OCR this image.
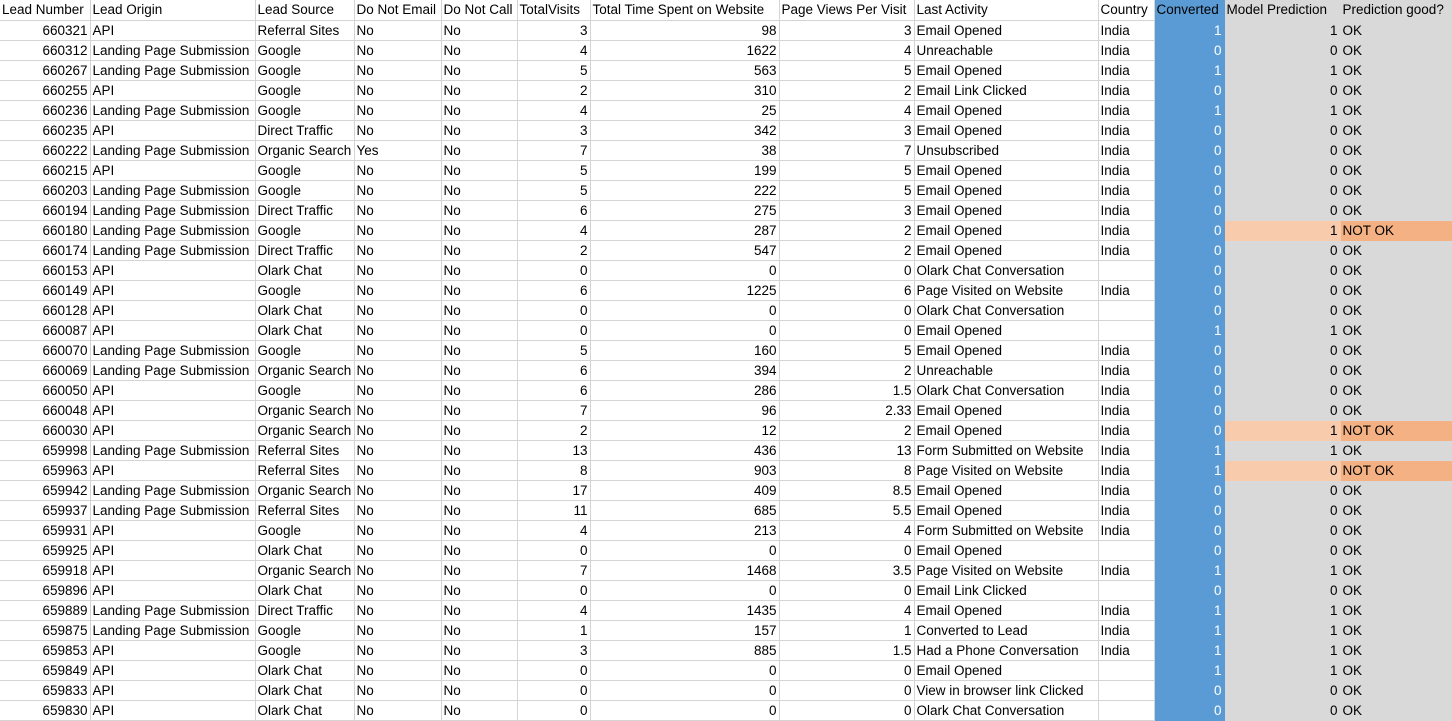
Lead Number	Lead Origin	Lead Source	Do Not Email	Do Not Call	TotalVisits	Total Time Spent on Website	Page Views Per Visit	Last Activity	Country	Converted	Model Prediction	Prediction good?
660321	API	Referral Sites	No	No	3	98	3	Email Opened	India	1	1	OK
660312	Landing Page Submission	Google	No	No	4	1622	4	Unreachable	India	0	0	OK
660267	Landing Page Submission	Google	No	No	5	563	5	Email Opened	India	1	1	OK
660255	API	Google	No	No	2	310	2	Email Link Clicked	India	0	0	OK
660236	Landing Page Submission	Google	No	No	4	25	4	Email Opened	India	1	1	OK
660235	API	Direct Traffic	No	No	3	342	3	Email Opened	India	0	0	OK
660222	Landing Page Submission	Organic Search	Yes	No	7	38	7	Unsubscribed	India	0	0	OK
660215	API	Google	No	No	5	199	5	Email Opened	India	0	0	OK
660203	Landing Page Submission	Google	No	No	5	222	5	Email Opened	India	0	0	OK
660194	Landing Page Submission	Direct Traffic	No	No	6	275	3	Email Opened	India	0	0	OK
660180	Landing Page Submission	Google	No	No	4	287	2	Email Opened	India	0	1	NOT OK
660174	Landing Page Submission	Direct Traffic	No	No	2	547	2	Email Opened	India	0	0	OK
660153	API	Olark Chat	No	No	0	0	0	Olark Chat Conversation		0	0	OK
660149	API	Google	No	No	6	1225	6	Page Visited on Website	India	0	0	OK
660128	API	Olark Chat	No	No	0	0	0	Olark Chat Conversation		0	0	OK
660087	API	Olark Chat	No	No	0	0	0	Email Opened		1	1	OK
660070	Landing Page Submission	Google	No	No	5	160	5	Email Opened	India	0	0	OK
660069	Landing Page Submission	Organic Search	No	No	6	394	2	Unreachable	India	0	0	OK
660050	API	Google	No	No	6	286	1.5	Olark Chat Conversation	India	0	0	OK
660048	API	Organic Search	No	No	7	96	2.33	Email Opened	India	0	0	OK
660030	API	Organic Search	No	No	2	12	2	Email Opened	India	0	1	NOT OK
659998	Landing Page Submission	Referral Sites	No	No	13	436	13	Form Submitted on Website	India	1	1	OK
659963	API	Referral Sites	No	No	8	903	8	Page Visited on Website	India	1	0	NOT OK
659942	Landing Page Submission	Organic Search	No	No	17	409	8.5	Email Opened	India	0	0	OK
659937	Landing Page Submission	Referral Sites	No	No	11	685	5.5	Email Opened	India	0	0	OK
659931	API	Google	No	No	4	213	4	Form Submitted on Website	India	0	0	OK
659925	API	Olark Chat	No	No	0	0	0	Email Opened		0	0	OK
659918	API	Organic Search	No	No	7	1468	3.5	Page Visited on Website	India	1	1	OK
659896	API	Olark Chat	No	No	0	0	0	Email Link Clicked		0	0	OK
659889	Landing Page Submission	Direct Traffic	No	No	4	1435	4	Email Opened	India	1	1	OK
659875	Landing Page Submission	Google	No	No	1	157	1	Converted to Lead	India	1	1	OK
659853	API	Google	No	No	3	885	1.5	Had a Phone Conversation	India	1	1	OK
659849	API	Olark Chat	No	No	0	0	0	Email Opened		1	1	OK
659833	API	Olark Chat	No	No	0	0	0	View in browser link Clicked		0	0	OK
659830	API	Olark Chat	No	No	0	0	0	Olark Chat Conversation		0	0	OK
